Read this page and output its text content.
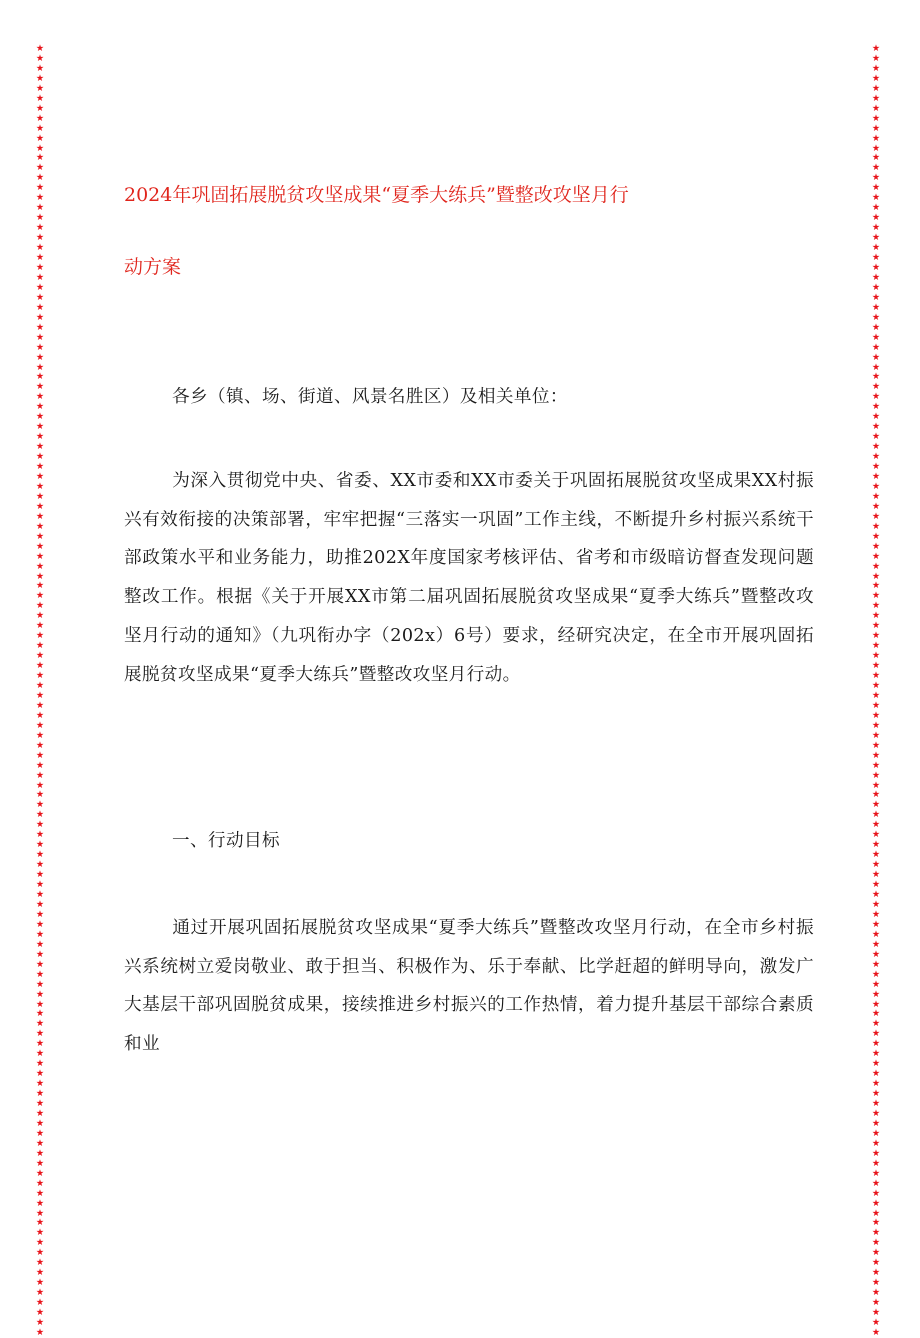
★★★★★★★★★★★★★★★★★★★★★★★★★★★★★★★★★★★★★★★★★★★★★★★★★★★★★★★★★★★★★★★★★★★★★★★★★★★★★★★★★★★★★★★★★★★★★★★★★★★★★★★★★★★★★★★★★★★★★★★★★★★★★★★★★★
★★★★★★★★★★★★★★★★★★★★★★★★★★★★★★★★★★★★★★★★★★★★★★★★★★★★★★★★★★★★★★★★★★★★★★★★★★★★★★★★★★★★★★★★★★★★★★★★★★★★★★★★★★★★★★★★★★★★★★★★★★★★★★★★★★
2024年巩固拓展脱贫攻坚成果“夏季大练兵”暨整改攻坚月行
动方案
各乡（镇、场、街道、风景名胜区）及相关单位：

为深入贯彻党中央、省委、XX市委和XX市委关于巩固拓展脱贫攻坚成果XX村振兴有效衔接的决策部署，牢牢把握“三落实一巩固”工作主线，不断提升乡村振兴系统干部政策水平和业务能力，助推202X年度国家考核评估、省考和市级暗访督查发现问题整改工作。根据《关于开展XX市第二届巩固拓展脱贫攻坚成果“夏季大练兵”暨整改攻坚月行动的通知》（九巩衔办字（202x）6号）要求，经研究决定，在全市开展巩固拓展脱贫攻坚成果“夏季大练兵”暨整改攻坚月行动。

一、行动目标

通过开展巩固拓展脱贫攻坚成果“夏季大练兵”暨整改攻坚月行动，在全市乡村振兴系统树立爱岗敬业、敢于担当、积极作为、乐于奉献、比学赶超的鲜明导向，激发广大基层干部巩固脱贫成果，接续推进乡村振兴的工作热情，着力提升基层干部综合素质和业
